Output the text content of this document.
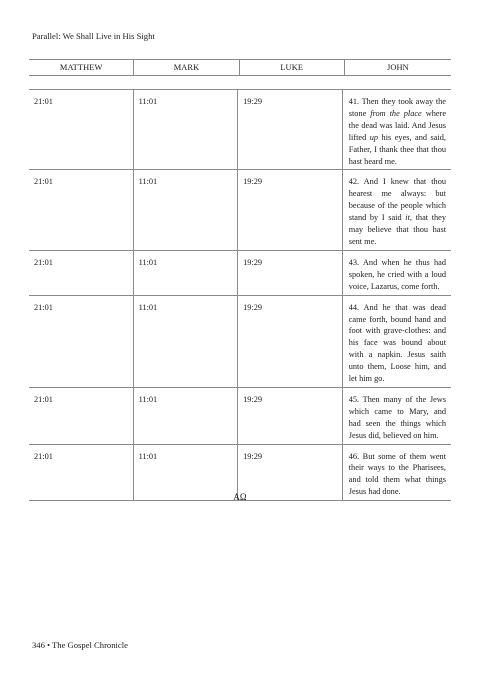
Parallel: We Shall Live in His Sight
MATTHEW	MARK	LUKE	JOHN
21:01	11:01	19:29	41. Then they took away the stone from the place where the dead was laid. And Jesus lifted up his eyes, and said, Father, I thank thee that thou hast heard me.
21:01	11:01	19:29	42. And I knew that thou hearest me always: but because of the people which stand by I said it, that they may believe that thou hast sent me.
21:01	11:01	19:29	43. And when he thus had spoken, he cried with a loud voice, Lazarus, come forth.
21:01	11:01	19:29	44. And he that was dead came forth, bound hand and foot with grave-clothes: and his face was bound about with a napkin. Jesus saith unto them, Loose him, and let him go.
21:01	11:01	19:29	45. Then many of the Jews which came to Mary, and had seen the things which Jesus did, believed on him.
21:01	11:01	19:29	46. But some of them went their ways to the Pharisees, and told them what things Jesus had done.
ΑΩ
346 • The Gospel Chronicle
